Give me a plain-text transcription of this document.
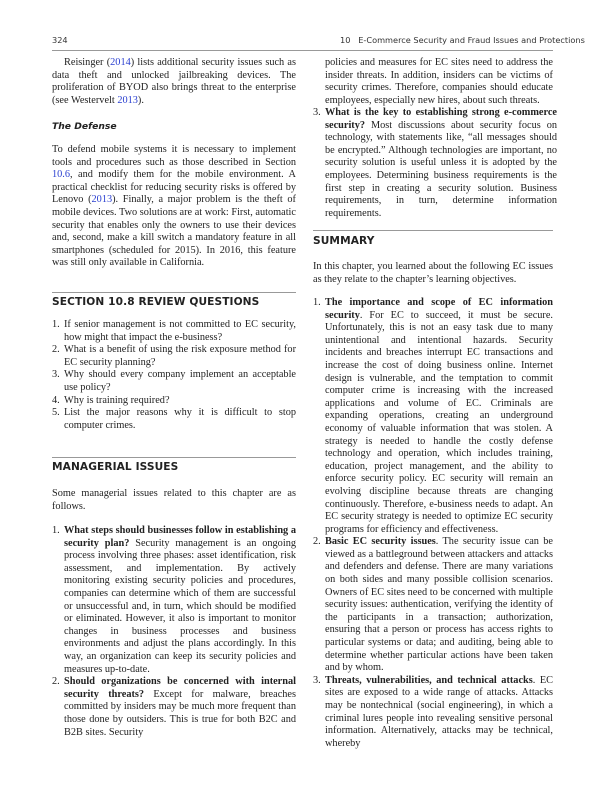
324	10   E-Commerce Security and Fraud Issues and Protections

Reisinger (2014) lists additional security issues such as data theft and unlocked jailbreaking devices. The proliferation of BYOD also brings threat to the enterprise (see Westervelt 2013).

The Defense

To defend mobile systems it is necessary to implement tools and procedures such as those described in Section 10.6, and modify them for the mobile environment. A practical checklist for reducing security risks is offered by Lenovo (2013). Finally, a major problem is the theft of mobile devices. Two solutions are at work: First, automatic security that enables only the owners to use their devices and, second, make a kill switch a mandatory feature in all smartphones (scheduled for 2015). In 2016, this feature was still only available in California.

SECTION 10.8 REVIEW QUESTIONS
1. If senior management is not committed to EC security, how might that impact the e-business?
2. What is a benefit of using the risk exposure method for EC security planning?
3. Why should every company implement an acceptable use policy?
4. Why is training required?
5. List the major reasons why it is difficult to stop computer crimes.
MANAGERIAL ISSUES
Some managerial issues related to this chapter are as follows.
1. What steps should businesses follow in establishing a security plan? Security management is an ongoing process involving three phases: asset identification, risk assessment, and implementation. By actively monitoring existing security policies and procedures, companies can determine which of them are successful or unsuccessful and, in turn, which should be modified or eliminated. However, it also is important to monitor changes in business processes and business environments and adjust the plans accordingly. In this way, an organization can keep its security policies and measures up-to-date.
2. Should organizations be concerned with internal security threats? Except for malware, breaches committed by insiders may be much more frequent than those done by outsiders. This is true for both B2C and B2B sites. Security
policies and measures for EC sites need to address the insider threats. In addition, insiders can be victims of security crimes. Therefore, companies should educate employees, especially new hires, about such threats.
3. What is the key to establishing strong e-commerce security? Most discussions about security focus on technology, with statements like, “all messages should be encrypted.” Although technologies are important, no security solution is useful unless it is adopted by the employees. Determining business requirements is the first step in creating a security solution. Business requirements, in turn, determine information requirements.
SUMMARY
In this chapter, you learned about the following EC issues as they relate to the chapter’s learning objectives.
1. The importance and scope of EC information security. For EC to succeed, it must be secure. Unfortunately, this is not an easy task due to many unintentional and intentional hazards. Security incidents and breaches interrupt EC transactions and increase the cost of doing business online. Internet design is vulnerable, and the temptation to commit computer crime is increasing with the increased applications and volume of EC. Criminals are expanding operations, creating an underground economy of valuable information that was stolen. A strategy is needed to handle the costly defense technology and operation, which includes training, education, project management, and the ability to enforce security policy. EC security will remain an evolving discipline because threats are changing continuously. Therefore, e-business needs to adapt. An EC security strategy is needed to optimize EC security programs for efficiency and effectiveness.
2. Basic EC security issues. The security issue can be viewed as a battleground between attackers and attacks and defenders and defense. There are many variations on both sides and many possible collision scenarios. Owners of EC sites need to be concerned with multiple security issues: authentication, verifying the identity of the participants in a transaction; authorization, ensuring that a person or process has access rights to particular systems or data; and auditing, being able to determine whether particular actions have been taken and by whom.
3. Threats, vulnerabilities, and technical attacks. EC sites are exposed to a wide range of attacks. Attacks may be nontechnical (social engineering), in which a criminal lures people into revealing sensitive personal information. Alternatively, attacks may be technical, whereby
